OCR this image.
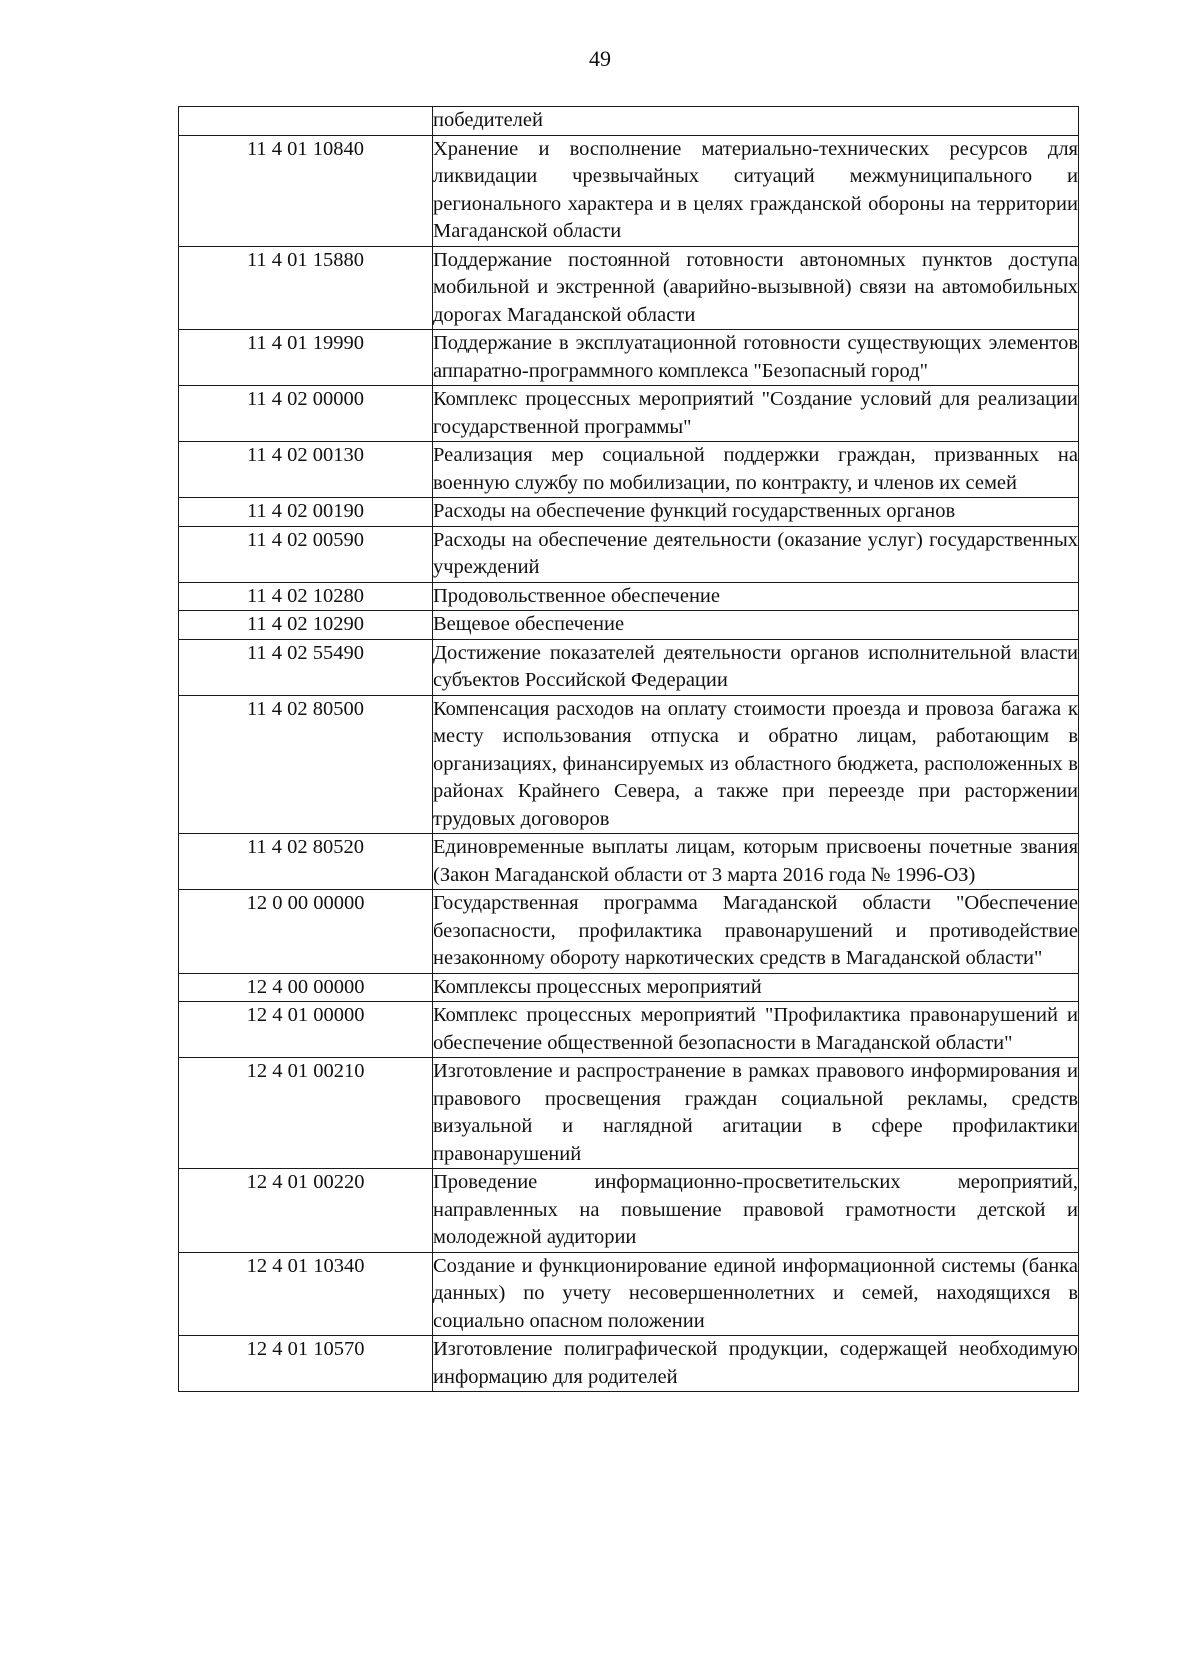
49
	победителей
11 4 01 10840	Хранение и восполнение материально-технических ресурсов для ликвидации чрезвычайных ситуаций межмуниципального и регионального характера и в целях гражданской обороны на территории Магаданской области
11 4 01 15880	Поддержание постоянной готовности автономных пунктов доступа мобильной и экстренной (аварийно-вызывной) связи на автомобильных дорогах Магаданской области
11 4 01 19990	Поддержание в эксплуатационной готовности существующих элементов аппаратно-программного комплекса "Безопасный город"
11 4 02 00000	Комплекс процессных мероприятий "Создание условий для реализации государственной программы"
11 4 02 00130	Реализация мер социальной поддержки граждан, призванных на военную службу по мобилизации, по контракту, и членов их семей
11 4 02 00190	Расходы на обеспечение функций государственных органов
11 4 02 00590	Расходы на обеспечение деятельности (оказание услуг) государственных учреждений
11 4 02 10280	Продовольственное обеспечение
11 4 02 10290	Вещевое обеспечение
11 4 02 55490	Достижение показателей деятельности органов исполнительной власти субъектов Российской Федерации
11 4 02 80500	Компенсация расходов на оплату стоимости проезда и провоза багажа к месту использования отпуска и обратно лицам, работающим в организациях, финансируемых из областного бюджета, расположенных в районах Крайнего Севера, а также при переезде при расторжении трудовых договоров
11 4 02 80520	Единовременные выплаты лицам, которым присвоены почетные звания (Закон Магаданской области от 3 марта 2016 года № 1996-ОЗ)
12 0 00 00000	Государственная программа Магаданской области "Обеспечение безопасности, профилактика правонарушений и противодействие незаконному обороту наркотических средств в Магаданской области"
12 4 00 00000	Комплексы процессных мероприятий
12 4 01 00000	Комплекс процессных мероприятий "Профилактика правонарушений и обеспечение общественной безопасности в Магаданской области"
12 4 01 00210	Изготовление и распространение в рамках правового информирования и правового просвещения граждан социальной рекламы, средств визуальной и наглядной агитации в сфере профилактики правонарушений
12 4 01 00220	Проведение информационно-просветительских мероприятий, направленных на повышение правовой грамотности детской и молодежной аудитории
12 4 01 10340	Создание и функционирование единой информационной системы (банка данных) по учету несовершеннолетних и семей, находящихся в социально опасном положении
12 4 01 10570	Изготовление полиграфической продукции, содержащей необходимую информацию для родителей
